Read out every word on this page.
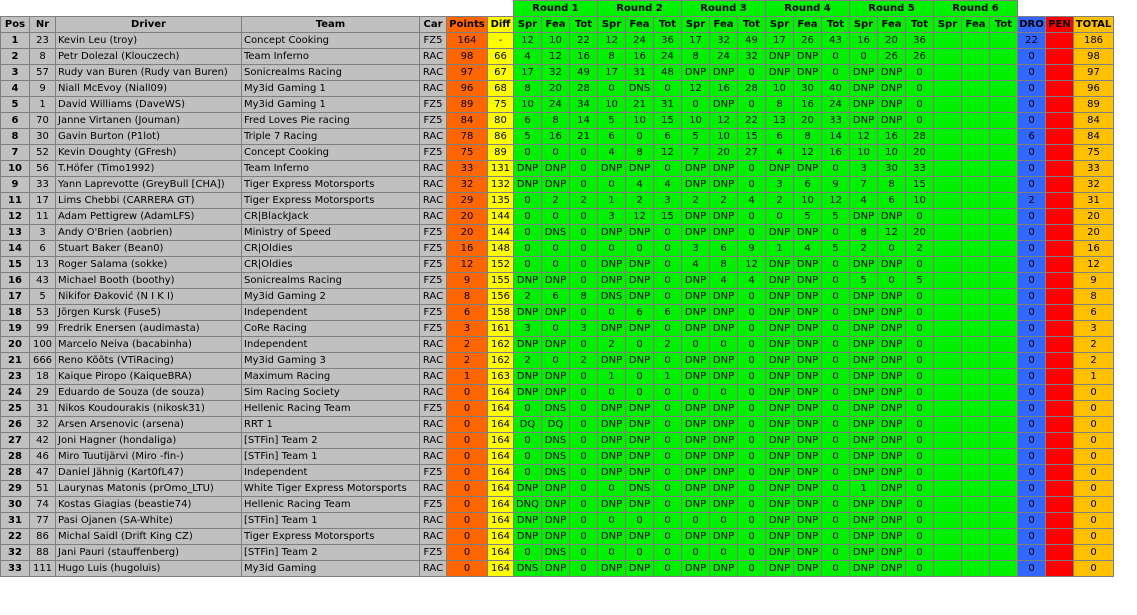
							Round 1			Round 2			Round 3			Round 4			Round 5			Round 6					
Pos	Nr	Driver	Team	Car	Points	Diff	Spr	Fea	Tot	Spr	Fea	Tot	Spr	Fea	Tot	Spr	Fea	Tot	Spr	Fea	Tot	Spr	Fea	Tot	DRO	PEN	TOTAL
1	23	Kevin Leu (troy)	Concept Cooking	FZ5	164	-	12	10	22	12	24	36	17	32	49	17	26	43	16	20	36				22		186
2	8	Petr Dolezal (Klouczech)	Team Inferno	RAC	98	66	4	12	16	8	16	24	8	24	32	DNP	DNP	0	0	26	26				0		98
3	57	Rudy van Buren (Rudy van Buren)	Sonicrealms Racing	RAC	97	67	17	32	49	17	31	48	DNP	DNP	0	DNP	DNP	0	DNP	DNP	0				0		97
4	9	Niall McEvoy (Niall09)	My3id Gaming 1	RAC	96	68	8	20	28	0	DNS	0	12	16	28	10	30	40	DNP	DNP	0				0		96
5	1	David Williams (DaveWS)	My3id Gaming 1	FZ5	89	75	10	24	34	10	21	31	0	DNP	0	8	16	24	DNP	DNP	0				0		89
6	70	Janne Virtanen (Jouman)	Fred Loves Pie racing	FZ5	84	80	6	8	14	5	10	15	10	12	22	13	20	33	DNP	DNP	0				0		84
8	30	Gavin Burton (P1lot)	Triple 7 Racing	RAC	78	86	5	16	21	6	0	6	5	10	15	6	8	14	12	16	28				6		84
7	52	Kevin Doughty (GFresh)	Concept Cooking	FZ5	75	89	0	0	0	4	8	12	7	20	27	4	12	16	10	10	20				0		75
10	56	T.Höfer (Timo1992)	Team Inferno	RAC	33	131	DNP	DNP	0	DNP	DNP	0	DNP	DNP	0	DNP	DNP	0	3	30	33				0		33
9	33	Yann Laprevotte (GreyBull [CHA])	Tiger Express Motorsports	RAC	32	132	DNP	DNP	0	0	4	4	DNP	DNP	0	3	6	9	7	8	15				0		32
11	17	Lims Chebbi (CARRERA GT)	Tiger Express Motorsports	RAC	29	135	0	2	2	1	2	3	2	2	4	2	10	12	4	6	10				2		31
12	11	Adam Pettigrew (AdamLFS)	CR|BlackJack	RAC	20	144	0	0	0	3	12	15	DNP	DNP	0	0	5	5	DNP	DNP	0				0		20
13	3	Andy O'Brien (aobrien)	Ministry of Speed	FZ5	20	144	0	DNS	0	DNP	DNP	0	DNP	DNP	0	DNP	DNP	0	8	12	20				0		20
14	6	Stuart Baker (Bean0)	CR|Oldies	FZ5	16	148	0	0	0	0	0	0	3	6	9	1	4	5	2	0	2				0		16
15	13	Roger Salama (sokke)	CR|Oldies	FZ5	12	152	0	0	0	DNP	DNP	0	4	8	12	DNP	DNP	0	DNP	DNP	0				0		12
16	43	Michael Booth (boothy)	Sonicrealms Racing	FZ5	9	155	DNP	DNP	0	DNP	DNP	0	DNP	4	4	DNP	DNP	0	5	0	5				0		9
17	5	Nikifor Đaković (N I K I)	My3id Gaming 2	RAC	8	156	2	6	8	DNS	DNP	0	DNP	DNP	0	DNP	DNP	0	DNP	DNP	0				0		8
18	53	Jörgen Kursk (Fuse5)	Independent	FZ5	6	158	DNP	DNP	0	0	6	6	DNP	DNP	0	DNP	DNP	0	DNP	DNP	0				0		6
19	99	Fredrik Enersen (audimasta)	CoRe Racing	FZ5	3	161	3	0	3	DNP	DNP	0	DNP	DNP	0	DNP	DNP	0	DNP	DNP	0				0		3
20	100	Marcelo Neiva (bacabinha)	Independent	RAC	2	162	DNP	DNP	0	2	0	2	0	0	0	DNP	DNP	0	DNP	DNP	0				0		2
21	666	Reno Kõõts (VTiRacing)	My3id Gaming 3	RAC	2	162	2	0	2	DNP	DNP	0	DNP	DNP	0	DNP	DNP	0	DNP	DNP	0				0		2
23	18	Kaique Piropo (KaiqueBRA)	Maximum Racing	RAC	1	163	DNP	DNP	0	1	0	1	DNP	DNP	0	DNP	DNP	0	DNP	DNP	0				0		1
24	29	Eduardo de Souza (de souza)	Sim Racing Society	RAC	0	164	DNP	DNP	0	0	0	0	0	0	0	DNP	DNP	0	DNP	DNP	0				0		0
25	31	Nikos Koudourakis (nikosk31)	Hellenic Racing Team	FZ5	0	164	0	DNS	0	DNP	DNP	0	DNP	DNP	0	DNP	DNP	0	DNP	DNP	0				0		0
26	32	Arsen Arsenovic (arsena)	RRT 1	RAC	0	164	DQ	DQ	0	DNP	DNP	0	DNP	DNP	0	DNP	DNP	0	DNP	DNP	0				0		0
27	42	Joni Hagner (hondaliga)	[STFin] Team 2	RAC	0	164	0	DNS	0	DNP	DNP	0	DNP	DNP	0	DNP	DNP	0	DNP	DNP	0				0		0
28	46	Miro Tuutijärvi (Miro -fin-)	[STFin] Team 1	RAC	0	164	0	DNS	0	DNP	DNP	0	DNP	DNP	0	DNP	DNP	0	DNP	DNP	0				0		0
28	47	Daniel Jähnig (Kart0fL47)	Independent	FZ5	0	164	0	DNS	0	DNP	DNP	0	DNP	DNP	0	DNP	DNP	0	DNP	DNP	0				0		0
29	51	Laurynas Matonis (prOmo_LTU)	White Tiger Express Motorsports	RAC	0	164	DNP	DNP	0	0	DNS	0	DNP	DNP	0	DNP	DNP	0	1	DNP	0				0		0
30	74	Kostas Giagias (beastie74)	Hellenic Racing Team	FZ5	0	164	DNQ	DNP	0	DNP	DNP	0	DNP	DNP	0	DNP	DNP	0	DNP	DNP	0				0		0
31	77	Pasi Ojanen (SA-White)	[STFin] Team 1	RAC	0	164	DNP	DNP	0	0	0	0	0	0	0	DNP	DNP	0	DNP	DNP	0				0		0
22	86	Michal Saidl (Drift King CZ)	Tiger Express Motorsports	RAC	0	164	DNP	DNP	0	DNP	DNP	0	DNP	DNP	0	DNP	DNP	0	DNP	DNP	0				0		0
32	88	Jani Pauri (stauffenberg)	[STFin] Team 2	FZ5	0	164	0	DNS	0	0	0	0	0	0	0	DNP	DNP	0	DNP	DNP	0				0		0
33	111	Hugo Luis (hugoluis)	My3id Gaming	RAC	0	164	DNS	DNP	0	DNP	DNP	0	DNP	DNP	0	DNP	DNP	0	DNP	DNP	0				0		0
